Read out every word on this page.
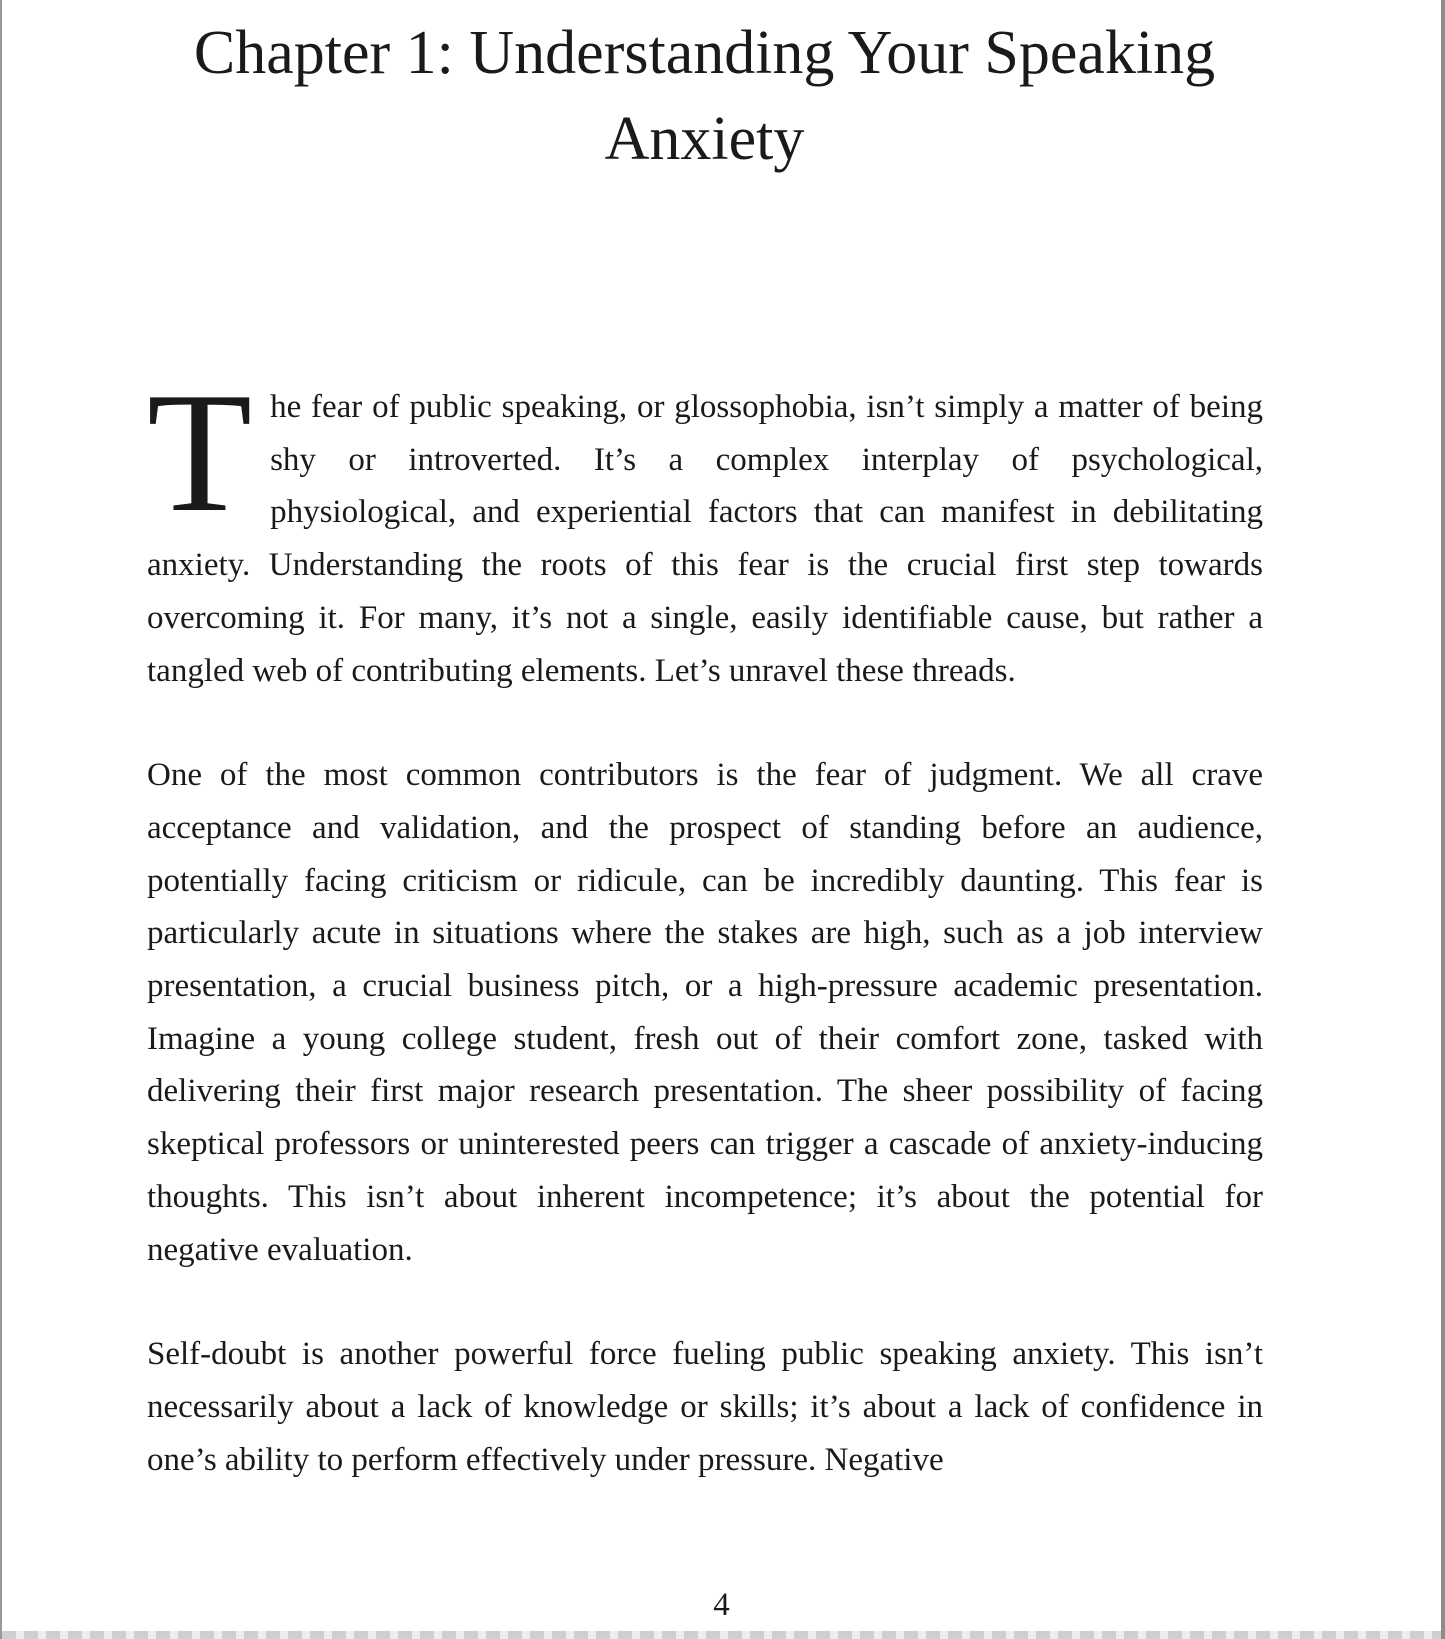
Chapter 1: Understanding Your Speaking Anxiety

The fear of public speaking, or glossophobia, isn’t simply a matter of being shy or introverted. It’s a complex interplay of psychological, physiological, and experiential factors that can manifest in debilitating anxiety. Understanding the roots of this fear is the crucial first step towards overcoming it. For many, it’s not a single, easily identifiable cause, but rather a tangled web of contributing elements. Let’s unravel these threads.

One of the most common contributors is the fear of judgment. We all crave acceptance and validation, and the prospect of standing before an audience, potentially facing criticism or ridicule, can be incredibly daunting. This fear is particularly acute in situations where the stakes are high, such as a job interview presentation, a crucial business pitch, or a high-pressure academic presentation. Imagine a young college student, fresh out of their comfort zone, tasked with delivering their first major research presentation. The sheer possibility of facing skeptical professors or uninterested peers can trigger a cascade of anxiety-inducing thoughts. This isn’t about inherent incompetence; it’s about the potential for negative evaluation.

Self-doubt is another powerful force fueling public speaking anxiety. This isn’t necessarily about a lack of knowledge or skills; it’s about a lack of confidence in one’s ability to perform effectively under pressure. Negative

4
